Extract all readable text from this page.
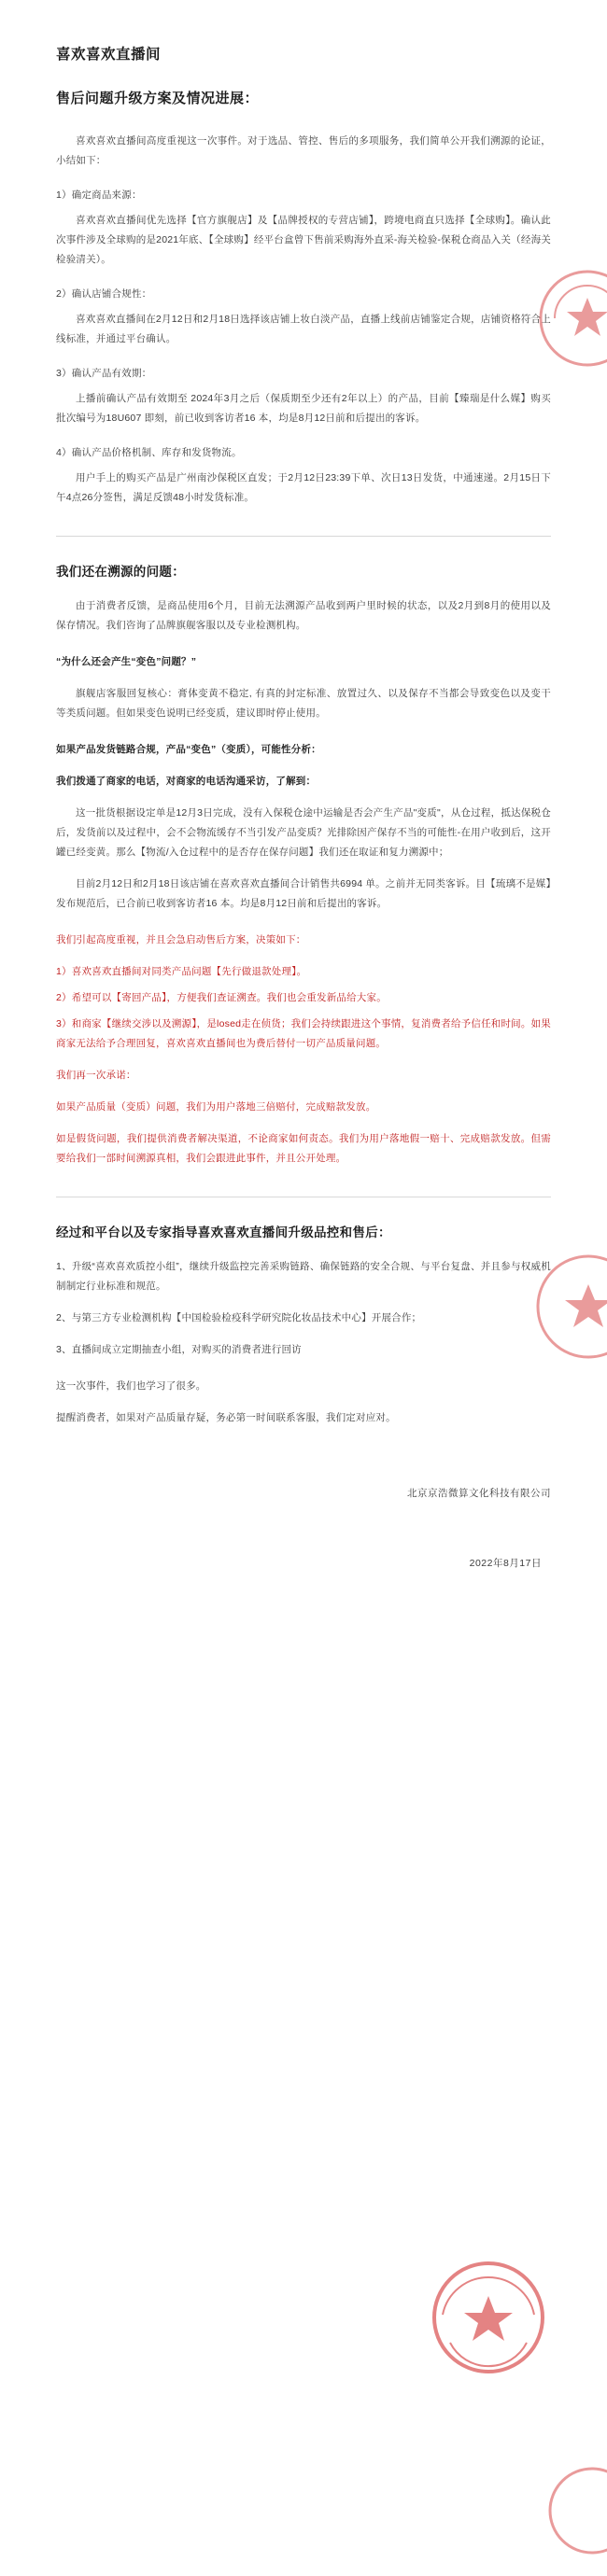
喜欢喜欢直播间
售后问题升级方案及情况进展：

喜欢喜欢直播间高度重视这一次事件。对于选品、管控、售后的多项服务，我们简单公开我们溯源的论证，小结如下：

1）确定商品来源：

喜欢喜欢直播间优先选择【官方旗舰店】及【品牌授权的专营店铺】，跨境电商直只选择【全球购】。确认此次事件涉及全球购的是2021年底、【全球购】经平台盒曾下售前采购海外直采-海关检验-保税仓商品入关（经海关检验清关）。

2）确认店铺合规性：

喜欢喜欢直播间在2月12日和2月18日选择该店铺上妆白淡产品，直播上线前店铺鉴定合规，店铺资格符合上线标准，并通过平台确认。

3）确认产品有效期：

上播前确认产品有效期至 2024年3月之后（保质期至少还有2年以上）的产品，目前【臻瑞是什么媒】购买批次编号为18U607 即刻，前已收到客访者16 本，均是8月12日前和后提出的客诉。

4）确认产品价格机制、库存和发货物流。

用户手上的购买产品是广州南沙保税区直发；于2月12日23:39下单、次日13日发货，中通速递。2月15日下午4点26分签售，满足反馈48小时发货标准。

我们还在溯源的问题：

由于消费者反馈，是商品使用6个月，目前无法溯源产品收到两户里时候的状态，以及2月到8月的使用以及保存情况。我们咨询了品牌旗舰客服以及专业检测机构。

“为什么还会产生“变色”问题？”

旗舰店客服回复核心：膏体变黄不稳定, 有真的封定标准、放置过久、以及保存不当都会导致变色以及变干等类质问题。但如果变色说明已经变质，建议即时停止使用。

如果产品发货链路合规，产品“变色”（变质），可能性分析：

我们拨通了商家的电话，对商家的电话沟通采访，了解到：

这一批货根据设定单是12月3日完成，没有入保税仓途中运输是否会产生产品"变质"，从仓过程，抵达保税仓后，发货前以及过程中，会不会物流缓存不当引发产品变质？光排除因产保存不当的可能性-在用户收到后，这开罐已经变黄。那么【物流/入仓过程中的是否存在保存问题】我们还在取证和复力溯源中；

目前2月12日和2月18日该店铺在喜欢喜欢直播间合计销售共6994 单。之前并无同类客诉。目【琉璃不是媒】发布规范后，已合前已收到客访者16 本。均是8月12日前和后提出的客诉。

我们引起高度重视，并且会急启动售后方案，决策如下：

1）喜欢喜欢直播间对同类产品问题【先行做退款处理】。

2）希望可以【寄回产品】，方便我们查证溯查。我们也会重发新品给大家。

3）和商家【继续交涉以及溯源】，是losed走在侦货；我们会持续跟进这个事情，复消费者给予信任和时间。如果商家无法给予合理回复，喜欢喜欢直播间也为费后替付一切产品质量问题。

我们再一次承诺：

如果产品质量（变质）问题，我们为用户落地三倍赔付，完成赔款发放。

如是假货问题，我们提供消费者解决渠道，不论商家如何责态。我们为用户落地假一赔十、完成赔款发放。但需要给我们一部时间溯源真相，我们会跟进此事件，并且公开处理。

经过和平台以及专家指导喜欢喜欢直播间升级品控和售后：

1、升级“喜欢喜欢质控小组”，继续升级监控完善采购链路、确保链路的安全合规、与平台复盘、并且参与权威机制制定行业标准和规范。

2、与第三方专业检测机构【中国检验检疫科学研究院化妆品技术中心】开展合作；

3、直播间成立定期抽查小组，对购买的消费者进行回访

这一次事件，我们也学习了很多。

提醒消费者，如果对产品质量存疑，务必第一时间联系客服，我们定对应对。

北京京浩微算文化科技有限公司

2022年8月17日
